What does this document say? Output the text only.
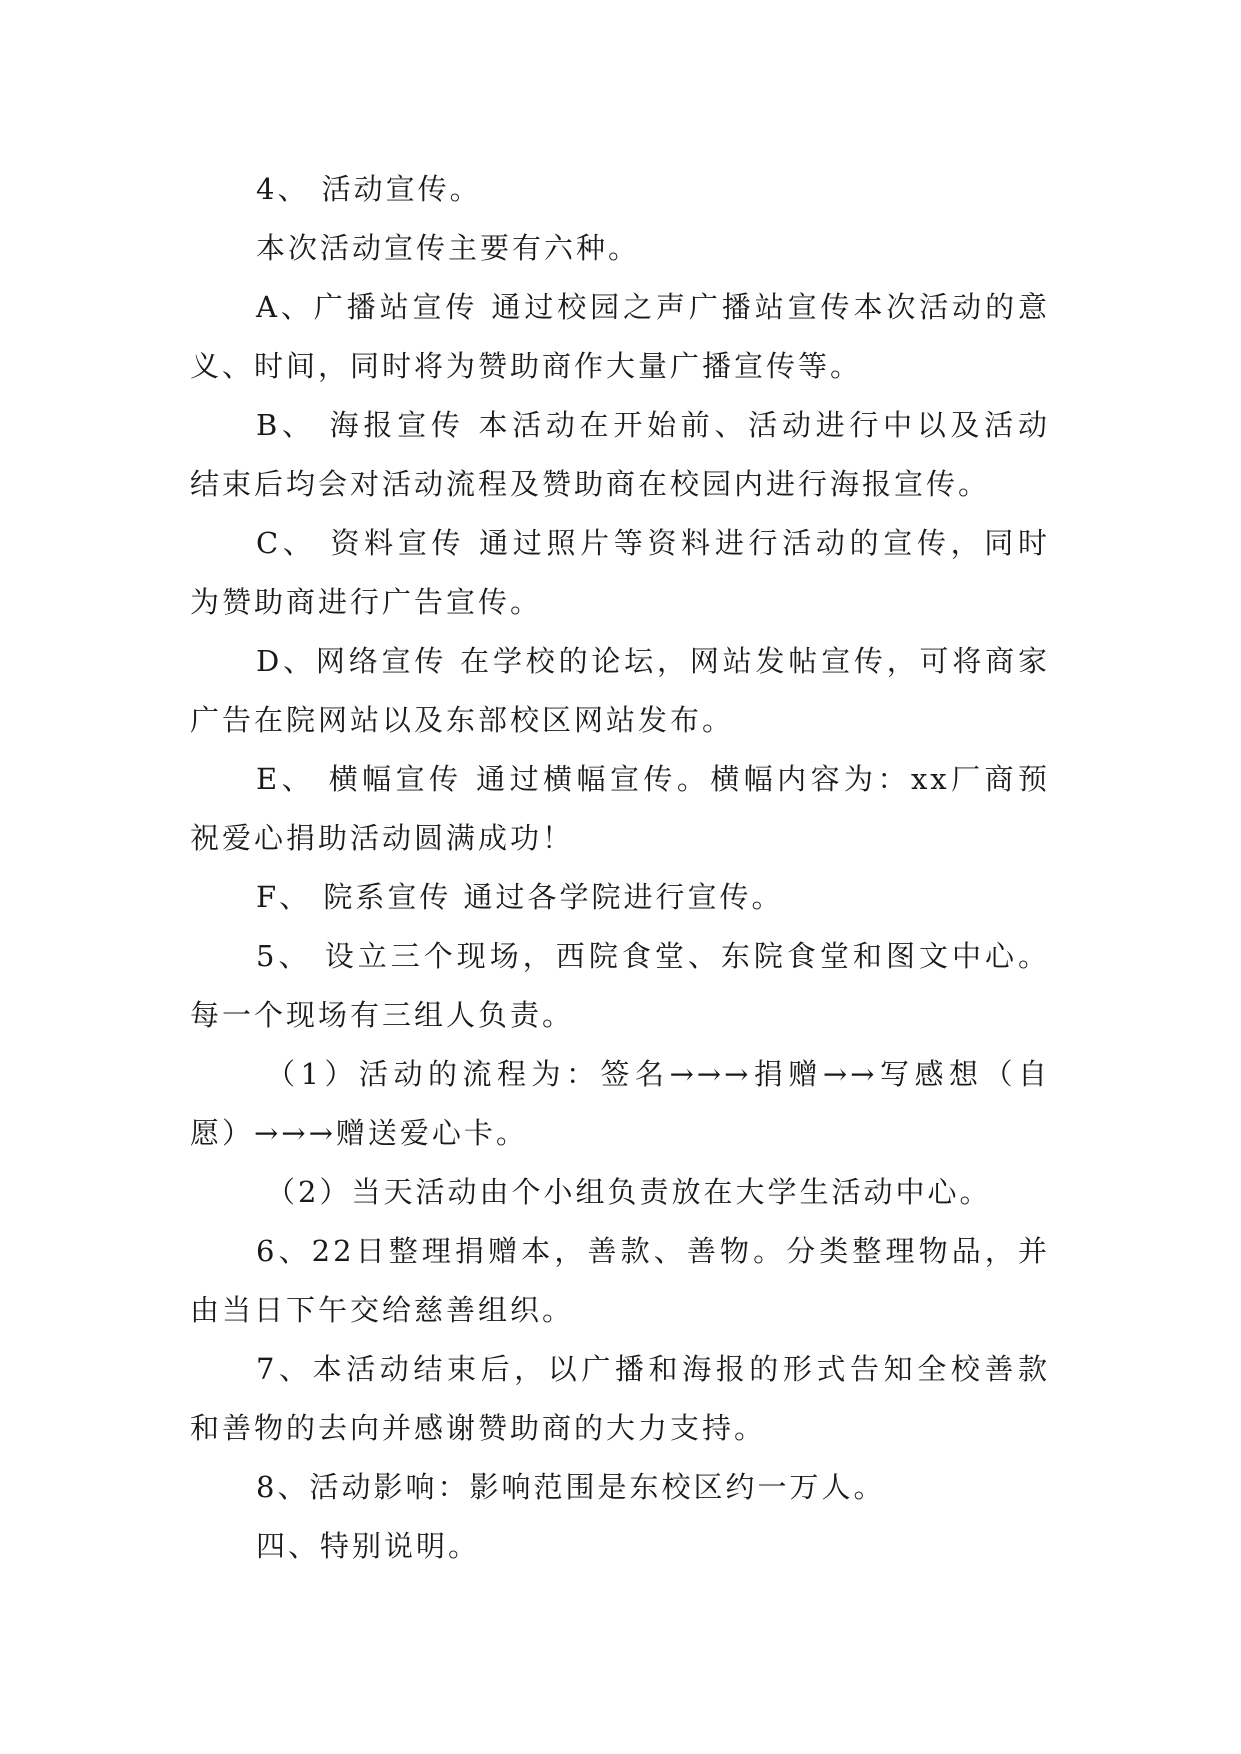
4、 活动宣传。
本次活动宣传主要有六种。
A、广播站宣传 通过校园之声广播站宣传本次活动的意
义、时间，同时将为赞助商作大量广播宣传等。
B、 海报宣传 本活动在开始前、活动进行中以及活动
结束后均会对活动流程及赞助商在校园内进行海报宣传。
C、 资料宣传 通过照片等资料进行活动的宣传，同时
为赞助商进行广告宣传。
D、网络宣传 在学校的论坛，网站发帖宣传，可将商家
广告在院网站以及东部校区网站发布。
E、 横幅宣传 通过横幅宣传。横幅内容为：xx厂商预
祝爱心捐助活动圆满成功！
F、 院系宣传 通过各学院进行宣传。
5、 设立三个现场，西院食堂、东院食堂和图文中心。
每一个现场有三组人负责。
（1）活动的流程为：签名→→→捐赠→→写感想（自
愿）→→→赠送爱心卡。
（2）当天活动由个小组负责放在大学生活动中心。
6、22日整理捐赠本，善款、善物。分类整理物品，并
由当日下午交给慈善组织。
7、本活动结束后，以广播和海报的形式告知全校善款
和善物的去向并感谢赞助商的大力支持。
8、活动影响：影响范围是东校区约一万人。
四、特别说明。
